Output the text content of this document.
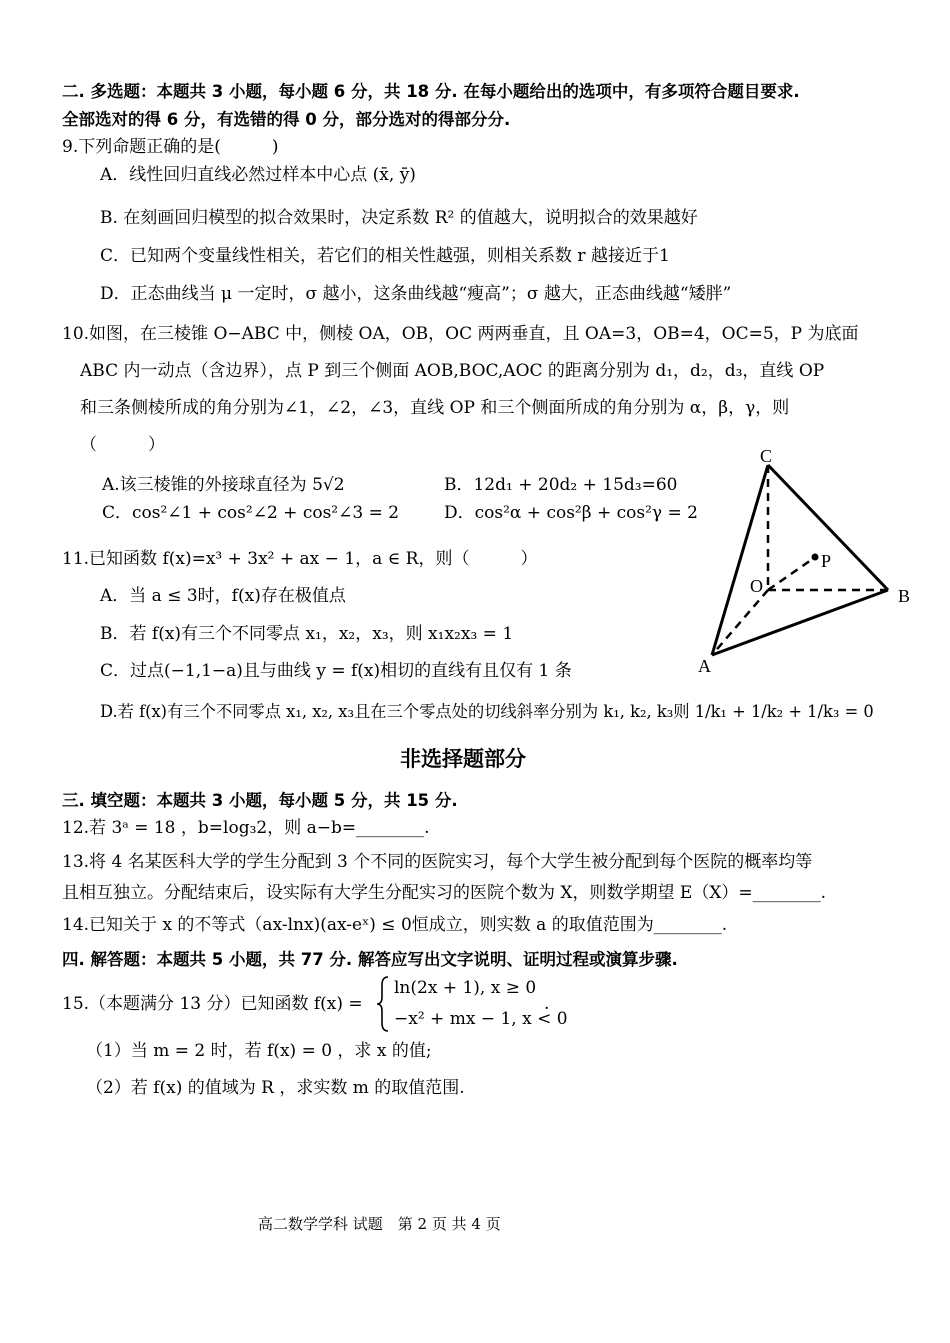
二. 多选题：本题共 3 小题，每小题 6 分，共 18 分. 在每小题给出的选项中，有多项符合题目要求.
全部选对的得 6 分，有选错的得 0 分，部分选对的得部分分.
9.下列命题正确的是(　　　)
A．线性回归直线必然过样本中心点 (x̄, ȳ)
B. 在刻画回归模型的拟合效果时，决定系数 R² 的值越大，说明拟合的效果越好
C．已知两个变量线性相关，若它们的相关性越强，则相关系数 r 越接近于1
D．正态曲线当 μ 一定时，σ 越小，这条曲线越“瘦高”；σ 越大，正态曲线越“矮胖”
10.如图，在三棱锥 O−ABC 中，侧棱 OA，OB，OC 两两垂直，且 OA=3，OB=4，OC=5，P 为底面
ABC 内一动点（含边界），点 P 到三个侧面 AOB,BOC,AOC 的距离分别为 d₁，d₂，d₃，直线 OP
和三条侧棱所成的角分别为∠1，∠2，∠3，直线 OP 和三个侧面所成的角分别为 α，β，γ，则
（　　　）
A.该三棱锥的外接球直径为 5√2	B．12d₁ + 20d₂ + 15d₃=60
C．cos²∠1 + cos²∠2 + cos²∠3 = 2	D．cos²α + cos²β + cos²γ = 2
C
P
O	B
A
11.已知函数 f(x)=x³ + 3x² + ax − 1，a ∈ R，则（　　　）
A．当 a ≤ 3时，f(x)存在极值点
B．若 f(x)有三个不同零点 x₁，x₂，x₃，则 x₁x₂x₃ = 1
C．过点(−1,1−a)且与曲线 y = f(x)相切的直线有且仅有 1 条
D.若 f(x)有三个不同零点 x₁, x₂, x₃且在三个零点处的切线斜率分别为 k₁, k₂, k₃则 1/k₁ + 1/k₂ + 1/k₃ = 0
非选择题部分
三. 填空题：本题共 3 小题，每小题 5 分，共 15 分.
12.若 3ᵃ = 18 ，b=log₃2，则 a−b=________.
13.将 4 名某医科大学的学生分配到 3 个不同的医院实习，每个大学生被分配到每个医院的概率均等
且相互独立。分配结束后，设实际有大学生分配实习的医院个数为 X，则数学期望 E（X）=________.
14.已知关于 x 的不等式（ax-lnx)(ax-eˣ) ≤ 0恒成立，则实数 a 的取值范围为________.
四. 解答题：本题共 5 小题，共 77 分. 解答应写出文字说明、证明过程或演算步骤.
15.（本题满分 13 分）已知函数 f(x) =
ln(2x + 1), x ≥ 0
−x² + mx − 1, x < 0
.
（1）当 m = 2 时，若 f(x) = 0 ，求 x 的值;
（2）若 f(x) 的值域为 R ，求实数 m 的取值范围.
高二数学学科 试题　第 2 页 共 4 页
